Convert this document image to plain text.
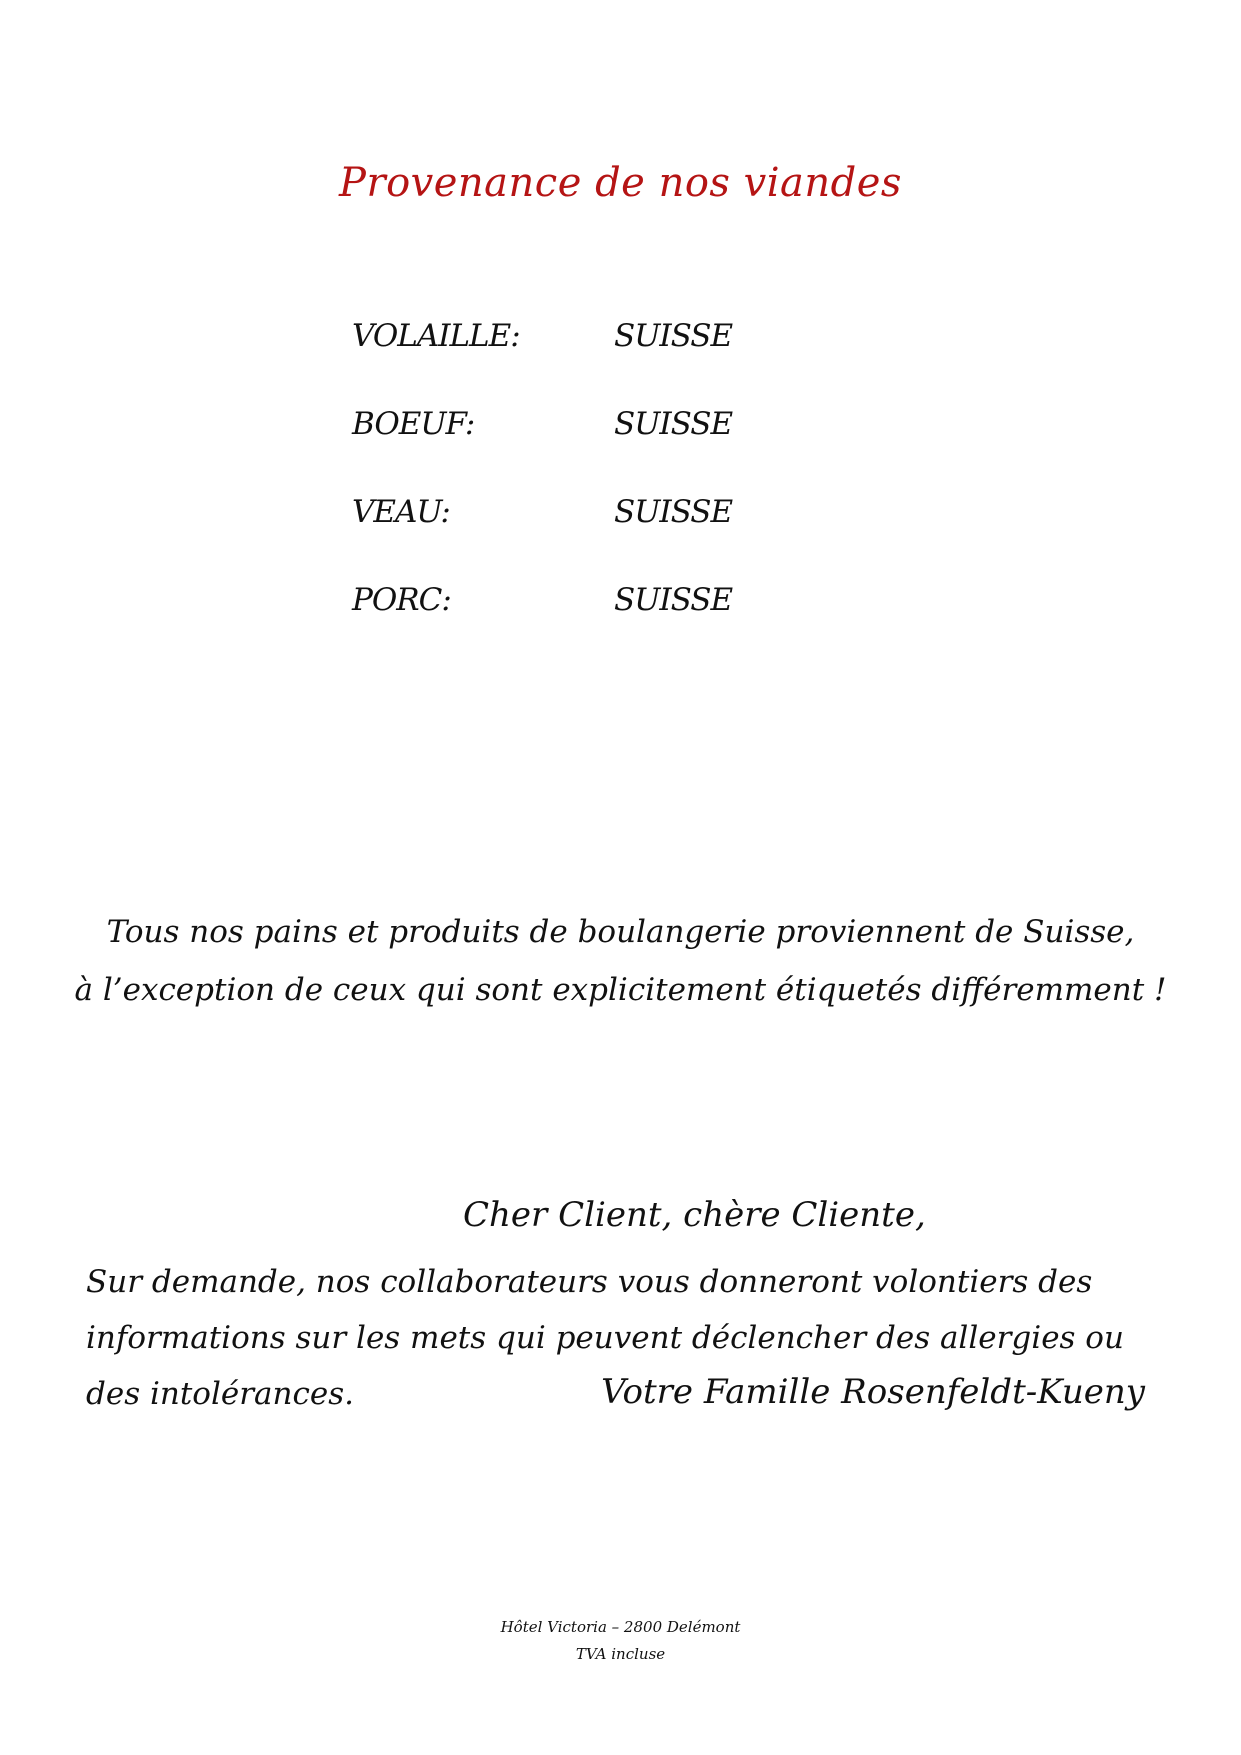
Provenance de nos viandes
VOLAILLE:	SUISSE
BOEUF:	SUISSE
VEAU:	SUISSE
PORC:	SUISSE
Tous nos pains et produits de boulangerie proviennent de Suisse,
à l’exception de ceux qui sont explicitement étiquetés différemment !
Cher Client, chère Cliente,
Sur demande, nos collaborateurs vous donneront volontiers des informations sur les mets qui peuvent déclencher des allergies ou des intolérances.	Votre Famille Rosenfeldt-Kueny
Hôtel Victoria – 2800 Delémont
TVA incluse
